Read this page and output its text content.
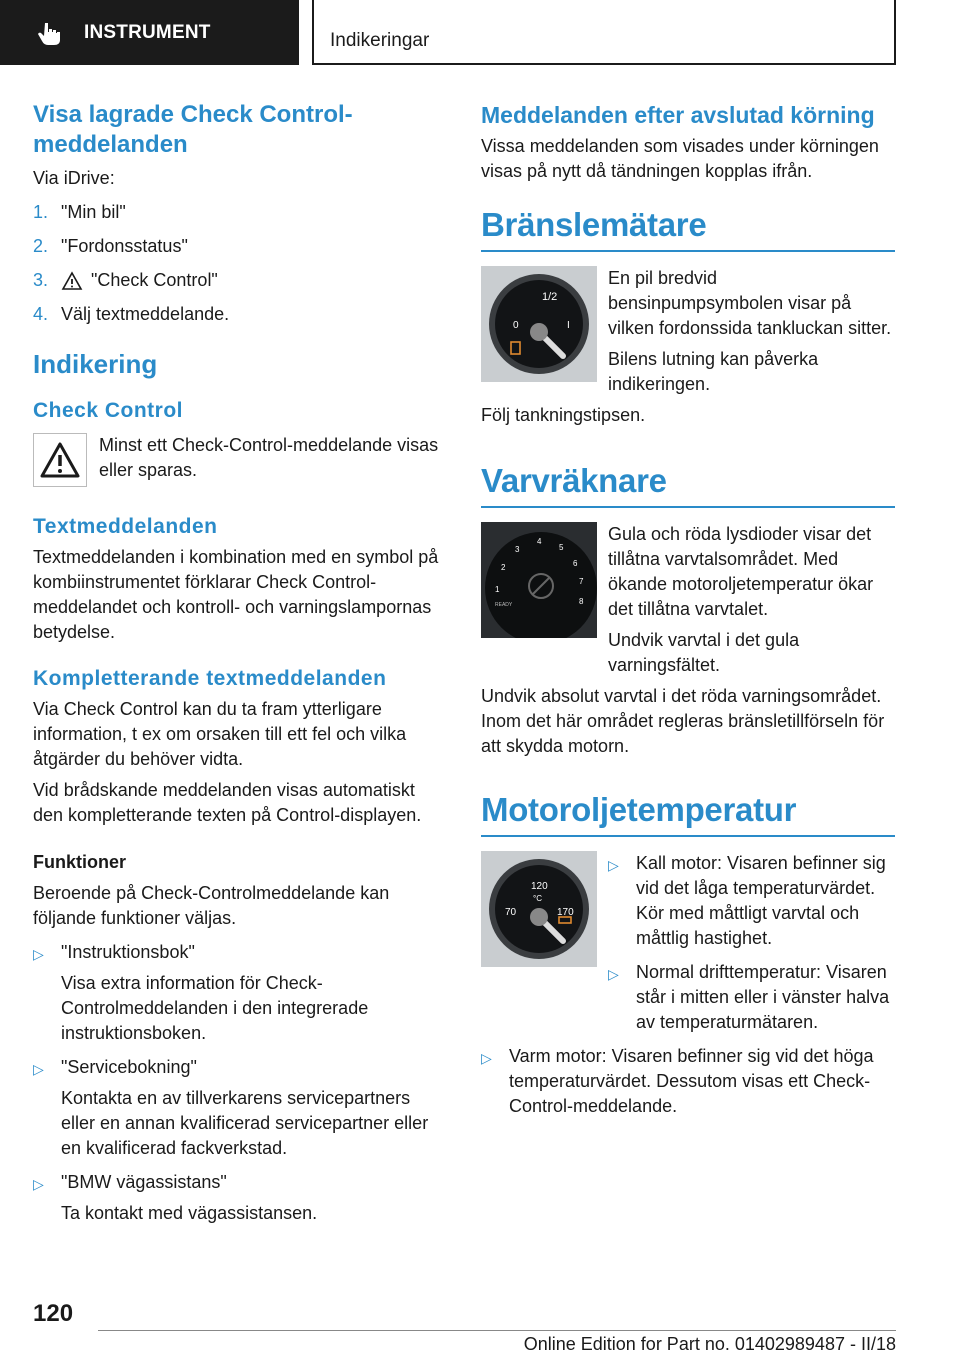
INSTRUMENT	Indikeringar
Visa lagrade Check Control-meddelanden

Via iDrive:

1. "Min bil"
2. "Fordonsstatus"
3.	"Check Control"
4. Välj textmeddelande.
Indikering
Check Control

Minst ett Check-Control-meddelande visas eller sparas.

Textmeddelanden

Textmeddelanden i kombination med en symbol på kombiinstrumentet förklarar Check Control-meddelandet och kontroll- och varningslampornas betydelse.

Kompletterande textmeddelanden

Via Check Control kan du ta fram ytterligare information, t ex om orsaken till ett fel och vilka åtgärder du behöver vidta.

Vid brådskande meddelanden visas automatiskt den kompletterande texten på Control-displayen.

Funktioner

Beroende på Check-Controlmeddelande kan följande funktioner väljas.

▷ "Instruktionsbok"

Visa extra information för Check-Controlmeddelanden i den integrerade instruktionsboken.

▷ "Servicebokning"

Kontakta en av tillverkarens servicepartners eller en annan kvalificerad servicepartner eller en kvalificerad fackverkstad.

▷ "BMW vägassistans"

Ta kontakt med vägassistansen.

Meddelanden efter avslutad körning

Vissa meddelanden som visades under körningen visas på nytt då tändningen kopplas ifrån.

Bränslemätare
1/2
0	I

En pil bredvid bensinpumpsymbolen visar på vilken fordonssida tankluckan sitter.

Bilens lutning kan påverka indikeringen.

Följ tankningstipsen.

Varvräknare
1
2
3
4
5
6
7
8
READY

Gula och röda lysdioder visar det tillåtna varvtalsområdet. Med ökande motoroljetemperatur ökar det tillåtna varvtalet.

Undvik varvtal i det gula varningsfältet.

Undvik absolut varvtal i det röda varningsområdet. Inom det här området regleras bränsletillförseln för att skydda motorn.

Motoroljetemperatur
120
°C
70	170
▷ Kall motor: Visaren befinner sig vid det låga temperaturvärdet. Kör med måttligt varvtal och måttlig hastighet.
▷ Normal drifttemperatur: Visaren står i mitten eller i vänster halva av temperaturmätaren.
▷ Varm motor: Visaren befinner sig vid det höga temperaturvärdet. Dessutom visas ett Check-Control-meddelande.
120
Online Edition for Part no. 01402989487 - II/18
